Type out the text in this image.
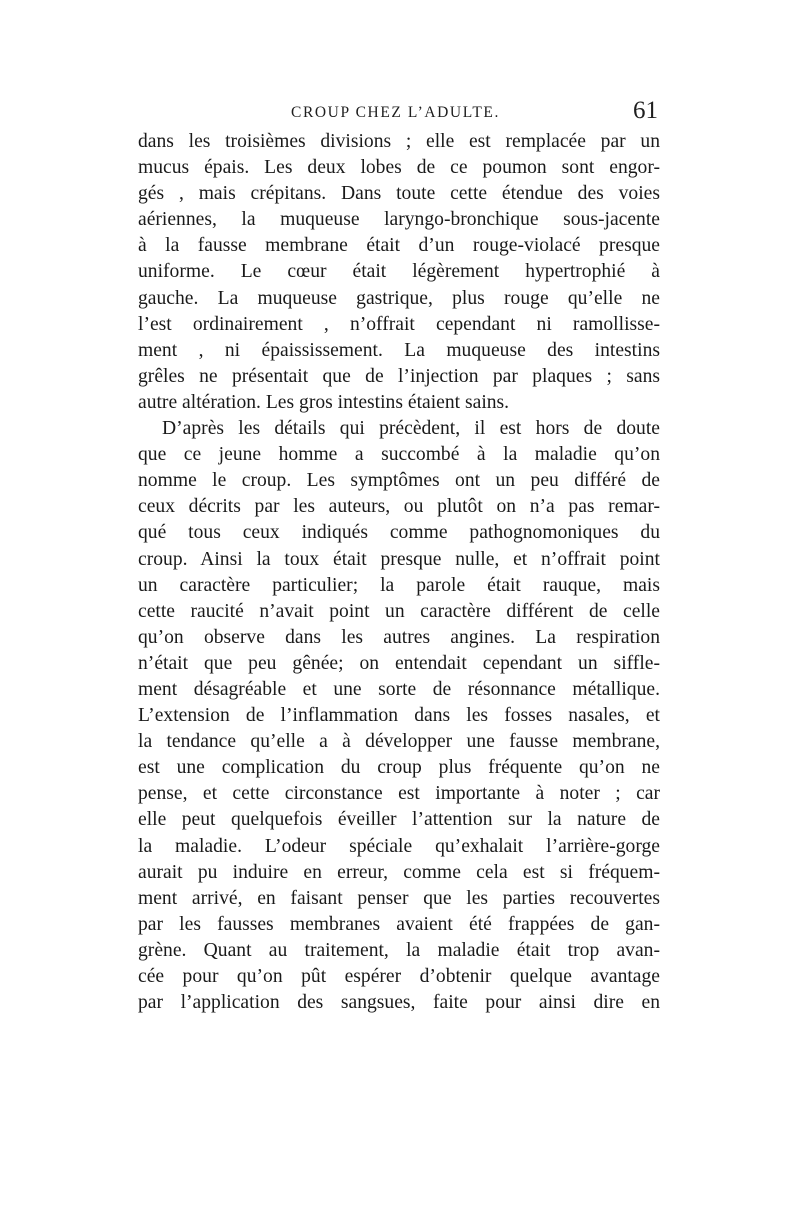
CROUP CHEZ L’ADULTE.	61
dans les troisièmes divisions ; elle est remplacée par un
mucus épais. Les deux lobes de ce poumon sont engor-
gés , mais crépitans. Dans toute cette étendue des voies
aériennes, la muqueuse laryngo-bronchique sous-jacente
à la fausse membrane était d’un rouge-violacé presque
uniforme. Le cœur était légèrement hypertrophié à
gauche. La muqueuse gastrique, plus rouge qu’elle ne
l’est ordinairement , n’offrait cependant ni ramollisse-
ment , ni épaississement. La muqueuse des intestins
grêles ne présentait que de l’injection par plaques ; sans
autre altération. Les gros intestins étaient sains.
D’après les détails qui précèdent, il est hors de doute
que ce jeune homme a succombé à la maladie qu’on
nomme le croup. Les symptômes ont un peu différé de
ceux décrits par les auteurs, ou plutôt on n’a pas remar-
qué tous ceux indiqués comme pathognomoniques du
croup. Ainsi la toux était presque nulle, et n’offrait point
un caractère particulier; la parole était rauque, mais
cette raucité n’avait point un caractère différent de celle
qu’on observe dans les autres angines. La respiration
n’était que peu gênée; on entendait cependant un siffle-
ment désagréable et une sorte de résonnance métallique.
L’extension de l’inflammation dans les fosses nasales, et
la tendance qu’elle a à développer une fausse membrane,
est une complication du croup plus fréquente qu’on ne
pense, et cette circonstance est importante à noter ; car
elle peut quelquefois éveiller l’attention sur la nature de
la maladie. L’odeur spéciale qu’exhalait l’arrière-gorge
aurait pu induire en erreur, comme cela est si fréquem-
ment arrivé, en faisant penser que les parties recouvertes
par les fausses membranes avaient été frappées de gan-
grène. Quant au traitement, la maladie était trop avan-
cée pour qu’on pût espérer d’obtenir quelque avantage
par l’application des sangsues, faite pour ainsi dire en
